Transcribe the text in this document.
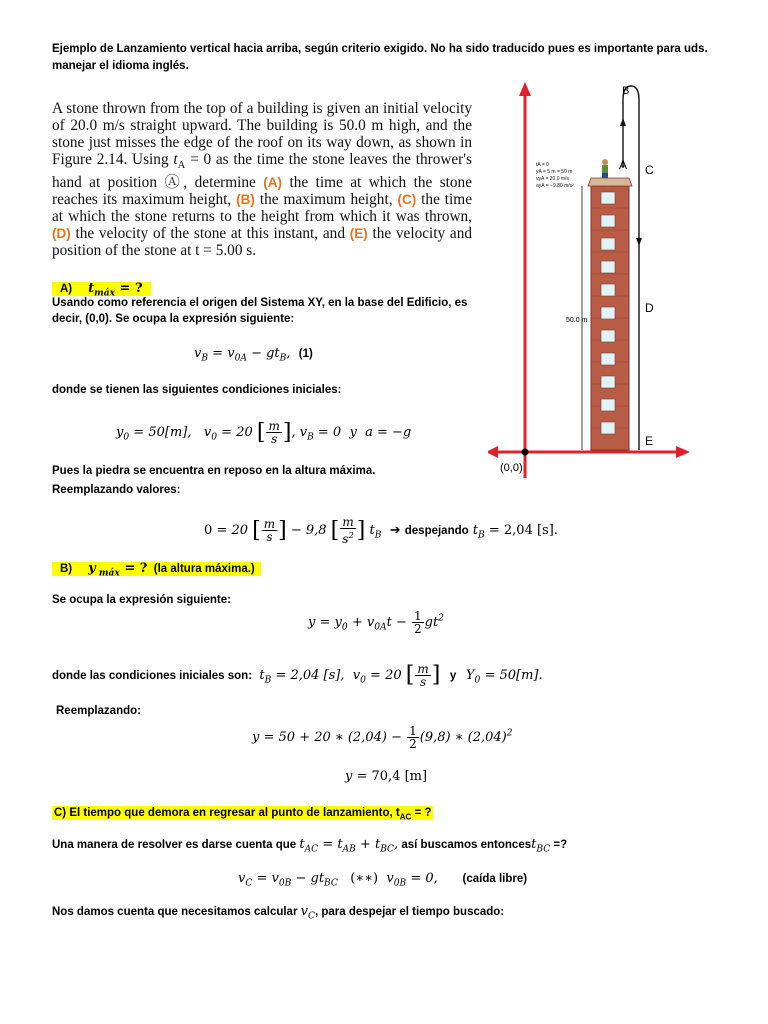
Ejemplo de Lanzamiento vertical hacia arriba, según criterio exigido. No ha sido traducido pues es importante para uds. manejar el idioma inglés.
A stone thrown from the top of a building is given an initial velocity of 20.0 m/s straight upward. The building is 50.0 m high, and the stone just misses the edge of the roof on its way down, as shown in Figure 2.14. Using $t_A = 0$ as the time the stone leaves the thrower's hand at position Ⓐ, determine (A) the time at which the stone reaches its maximum height, (B) the maximum height, (C) the time at which the stone returns to the height from which it was thrown, (D) the velocity of the stone at this instant, and (E) the velocity and position of the stone at t = 5.00 s.
(0,0)
50.0 m
tA = 0
yA = 5 m = 50 m
vyA = 20.0 m/s
ayA = −9.80 m/s²
B
A C
D
E
A) $t_{máx}$ = ?
Usando como referencia el origen del Sistema XY, en la base del Edificio, es decir, (0,0). Se ocupa la expresión siguiente:
$v_B = v_{0A} - gt_B$,  (1)
donde se tienen las siguientes condiciones iniciales:
$y_0 = 50[m]$,   $v_0 = 20$ [ $\frac{m}{s}$ ], $v_B = 0$  y a = −g
Pues la piedra se encuentra en reposo en la altura máxima.
Reemplazando valores:
0 = 20 [ $\frac{m}{s}$ ] − 9,8 [ $\frac{m}{s^2}$ ] $t_B$ ➔ despejando $t_B = 2,04$ [s].
B) y $_{máx}$ = ? (la altura máxima.)
Se ocupa la expresión siguiente:
$y = y_0 + v_{0A}t - \frac{1}{2} gt^2$
donde las condiciones iniciales son: $t_B = 2,04$ [s],  $v_0 = 20$ [ $\frac{m}{s}$ ] y $Y_0 = 50[m]$.
Reemplazando:
y = 50 + 20 ∗ $(2,04) - \frac{1}{2} (9,8)$ ∗ $(2,04)^2$
y = 70,4 [m]
C) El tiempo que demora en regresar al punto de lanzamiento, $t_{AC}$ = ?
Una manera de resolver es darse cuenta que $t_{AC} = t_{AB} + t_{BC}$, así buscamos entoncest$_{BC}$ =?
$v_C = v_{0B} - gt_{BC}$ (∗∗) $v_{0B} = 0$,      (caída libre)
Nos damos cuenta que necesitamos calcular $v_C$, para despejar el tiempo buscado:
